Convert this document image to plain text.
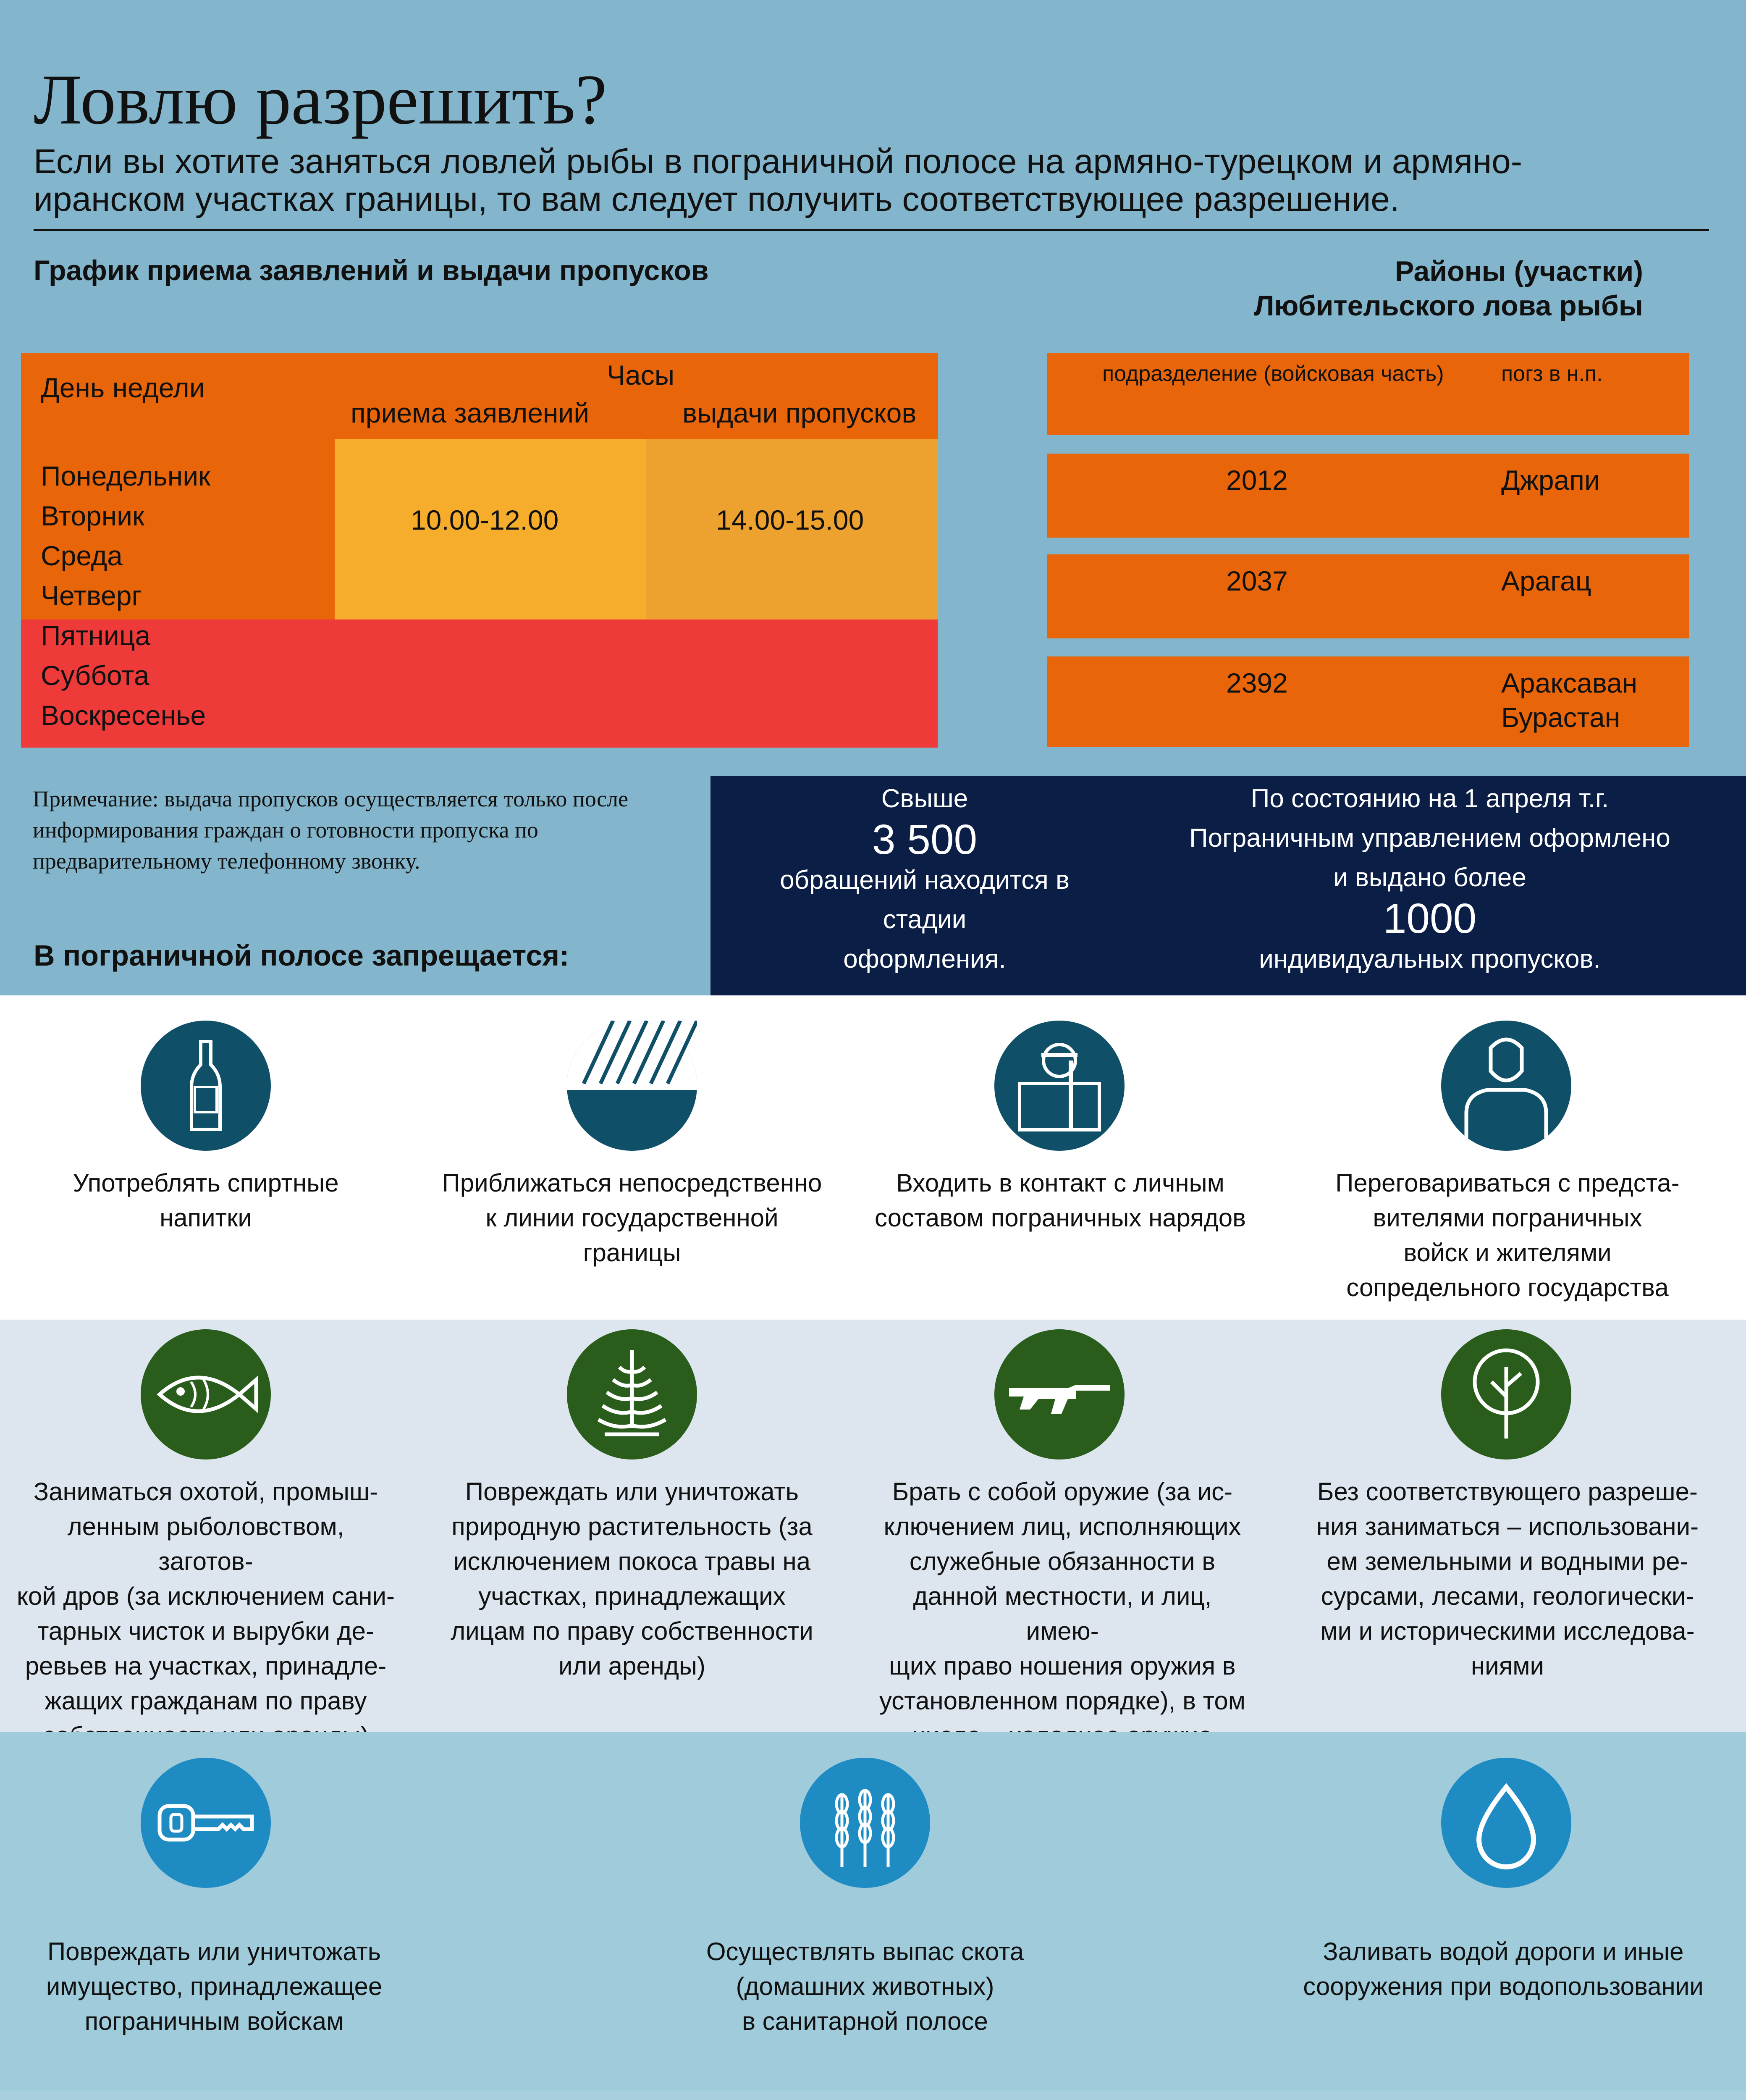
Ловлю разрешить?
Если вы хотите заняться ловлей рыбы в пограничной полосе на армяно-турецком и армяно-иранском участках границы, то вам следует получить соответствующее разрешение.
График приема заявлений и выдачи пропусков	Районы (участки)
Любительского лова рыбы
День недели	Часы
приема заявлений	выдачи пропусков
Понедельник
Вторник
Среда
Четверг
Пятница
Суббота
Воскресенье
10.00-12.00	14.00-15.00
подразделение (войсковая часть)	погз в н.п.
2012	Джрапи
2037	Арагац
2392	Араксаван
Бурастан
Примечание: выдача пропусков осуществляется только после информирования граждан о готовности пропуска по предварительному телефонному звонку.
В пограничной полосе запрещается:
Свыше
3 500
обращений находится в стадии
оформления.
По состоянию на 1 апреля т.г.
Пограничным управлением оформлено
и выдано более
1000
индивидуальных пропусков.
Употреблять спиртные
напитки
Приближаться непосредственно
к линии государственной
границы
Входить в контакт с личным
составом пограничных нарядов
Переговариваться с предста-
вителями пограничных
войск и жителями
сопредельного государства
Заниматься охотой, промыш-
ленным рыболовством, заготов-
кой дров (за исключением сани-
тарных чисток и вырубки де-
ревьев на участках, принадле-
жащих гражданам по праву
Повреждать или уничтожать
природную растительность (за
исключением покоса травы на
участках, принадлежащих
лицам по праву собственности
или аренды)
Брать с собой оружие (за ис-
ключением лиц, исполняющих
служебные обязанности в
данной местности, и лиц, имею-
щих право ношения оружия в
установленном порядке), в том
Без соответствующего разреше-
ния заниматься – использовани-
ем земельными и водными ре-
сурсами, лесами, геологически-
ми и историческими исследова-
ниями
Повреждать или уничтожать
имущество, принадлежащее
пограничным войскам
Осуществлять выпас скота
(домашних животных)
в санитарной полосе
Заливать водой дороги и иные
сооружения при водопользовании
